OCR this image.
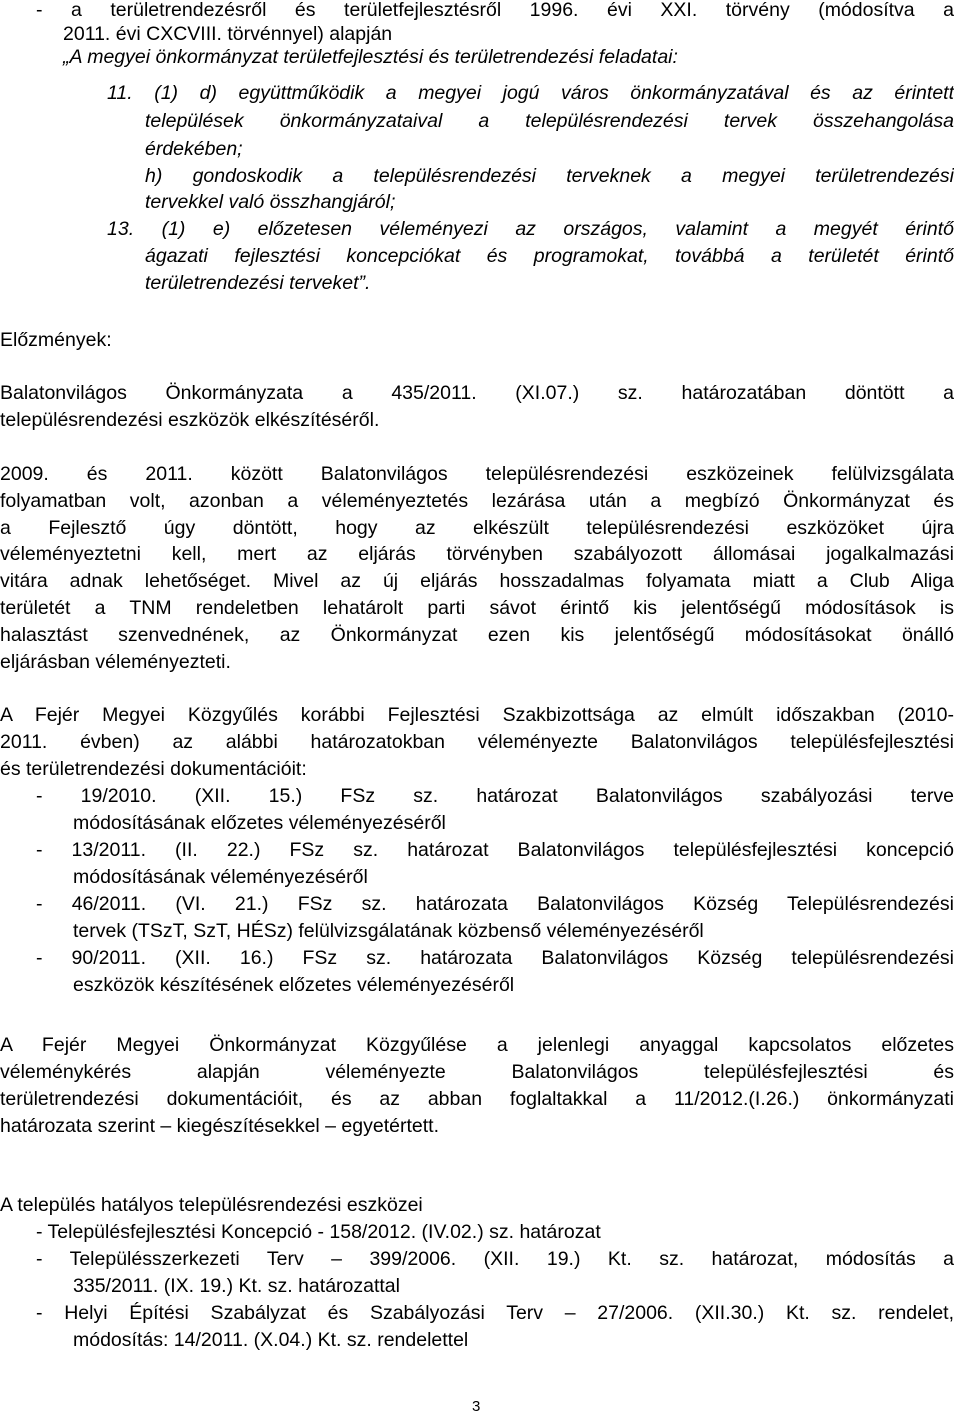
- a területrendezésről és területfejlesztésről 1996. évi XXI. törvény (módosítva a
2011. évi CXCVIII. törvénnyel) alapján
„A megyei önkormányzat területfejlesztési és területrendezési feladatai:
11. (1) d) együttműködik a megyei jogú város önkormányzatával és az érintett
települések önkormányzataival a településrendezési tervek összehangolása
érdekében;
h) gondoskodik a településrendezési terveknek a megyei területrendezési
tervekkel való összhangjáról;
13. (1) e) előzetesen véleményezi az országos, valamint a megyét érintő
ágazati fejlesztési koncepciókat és programokat, továbbá a területét érintő
területrendezési terveket”.
Előzmények:
Balatonvilágos Önkormányzata a 435/2011. (XI.07.) sz. határozatában döntött a
településrendezési eszközök elkészítéséről.
2009. és 2011. között Balatonvilágos településrendezési eszközeinek felülvizsgálata
folyamatban volt, azonban a véleményeztetés lezárása után a megbízó Önkormányzat és
a Fejlesztő úgy döntött, hogy az elkészült településrendezési eszközöket újra
véleményeztetni kell, mert az eljárás törvényben szabályozott állomásai jogalkalmazási
vitára adnak lehetőséget. Mivel az új eljárás hosszadalmas folyamata miatt a Club Aliga
területét a TNM rendeletben lehatárolt parti sávot érintő kis jelentőségű módosítások is
halasztást szenvednének, az Önkormányzat ezen kis jelentőségű módosításokat önálló
eljárásban véleményezteti.
A Fejér Megyei Közgyűlés korábbi Fejlesztési Szakbizottsága az elmúlt időszakban (2010-
2011. évben) az alábbi határozatokban véleményezte Balatonvilágos településfejlesztési
és területrendezési dokumentációit:
- 19/2010. (XII. 15.) FSz sz. határozat Balatonvilágos szabályozási terve
módosításának előzetes véleményezéséről
- 13/2011. (II. 22.) FSz sz. határozat Balatonvilágos településfejlesztési koncepció
módosításának véleményezéséről
- 46/2011. (VI. 21.) FSz sz. határozata Balatonvilágos Község Településrendezési
tervek (TSzT, SzT, HÉSz) felülvizsgálatának közbenső véleményezéséről
- 90/2011. (XII. 16.) FSz sz. határozata Balatonvilágos Község településrendezési
eszközök készítésének előzetes véleményezéséről
A Fejér Megyei Önkormányzat Közgyűlése a jelenlegi anyaggal kapcsolatos előzetes
véleménykérés alapján véleményezte Balatonvilágos településfejlesztési és
területrendezési dokumentációit, és az abban foglaltakkal a 11/2012.(I.26.) önkormányzati
határozata szerint – kiegészítésekkel – egyetértett.
A település hatályos településrendezési eszközei
- Településfejlesztési Koncepció - 158/2012. (IV.02.) sz. határozat
- Településszerkezeti Terv – 399/2006. (XII. 19.) Kt. sz. határozat, módosítás a
335/2011. (IX. 19.) Kt. sz. határozattal
- Helyi Építési Szabályzat és Szabályozási Terv – 27/2006. (XII.30.) Kt. sz. rendelet,
módosítás: 14/2011. (X.04.) Kt. sz. rendelettel
3
